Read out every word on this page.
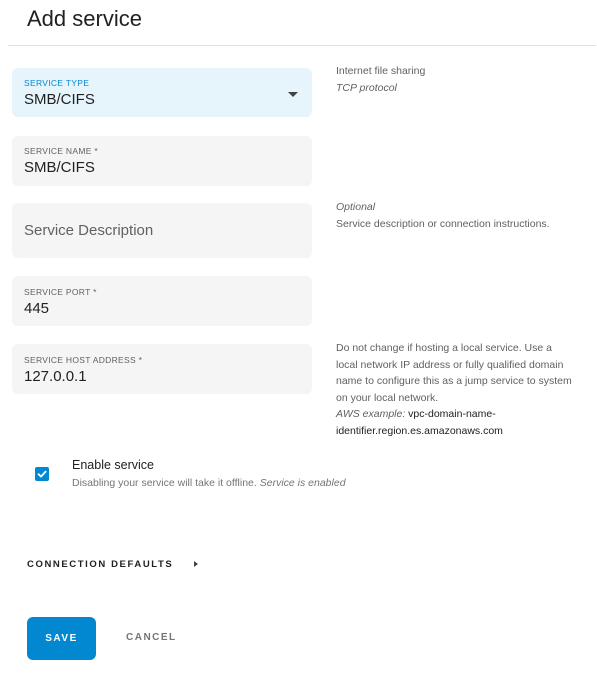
Add service
SERVICE TYPE
SMB/CIFS
Internet file sharing
TCP protocol
SERVICE NAME *
SMB/CIFS
Service Description
Optional
Service description or connection instructions.
SERVICE PORT *
445
SERVICE HOST ADDRESS *
127.0.0.1
Do not change if hosting a local service. Use a local network IP address or fully qualified domain name to configure this as a jump service to system on your local network.
AWS example: vpc-domain-name-identifier.region.es.amazonaws.com
Enable service
Disabling your service will take it offline. Service is enabled
CONNECTION DEFAULTS
SAVE	CANCEL
